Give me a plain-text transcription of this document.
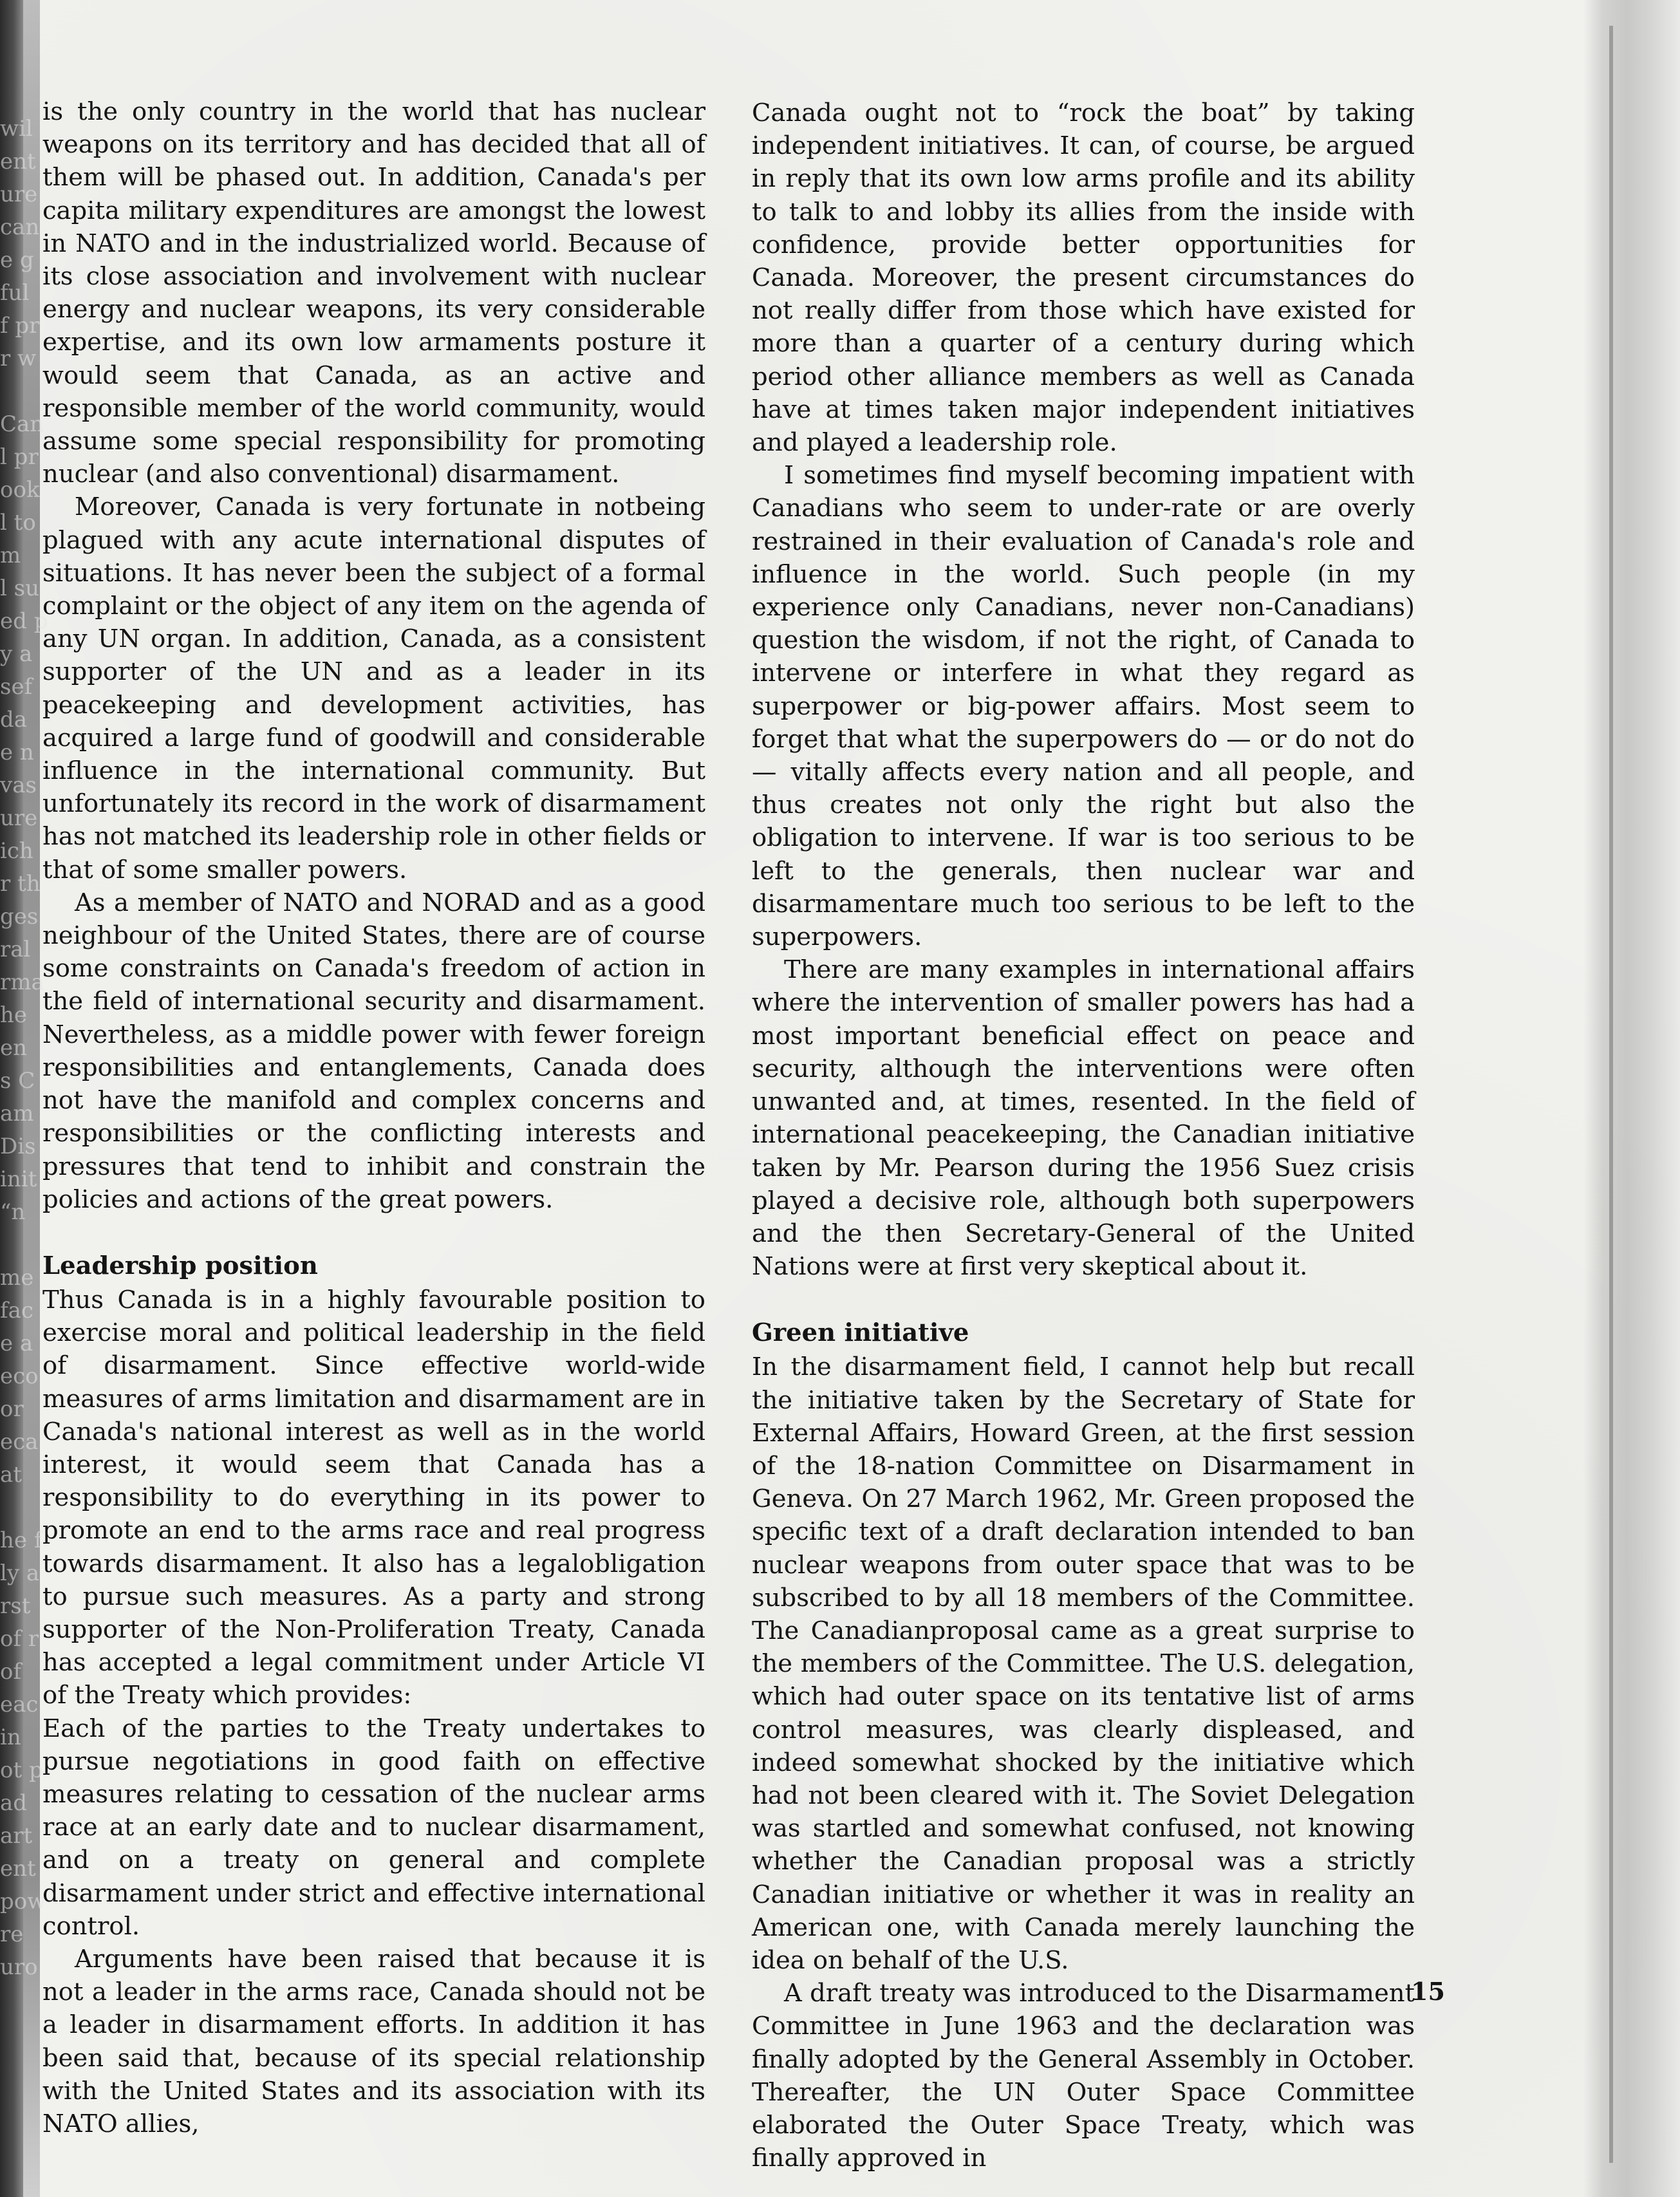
wil
ent
ure
can
e g
ful
f pr
r w

Can
l pr
ook
l to
m
l su
ed p
y a
sef
da
e n
vas
ure
ich
r th
ges
ral
rma
he
en
s C
am
Dis
init
“n

me
fac
e a
eco
or
eca
at

he f
ly a
rst
of r
of
eac
in
ot p
ad
art
ent
pow
re
uro

is the only country in the world that has nuclear weapons on its territory and has decided that all of them will be phased out. In addition, Canada's per capita military expenditures are amongst the lowest in NATO and in the industrialized world. Because of its close association and involvement with nuclear energy and nuclear weapons, its very considerable expertise, and its own low armaments posture it would seem that Canada, as an active and responsible member of the world community, would assume some special responsibility for promoting nuclear (and also conventional) disarmament.

Moreover, Canada is very fortunate in notbeing plagued with any acute international disputes of situations. It has never been the subject of a formal complaint or the object of any item on the agenda of any UN organ. In addition, Canada, as a consistent supporter of the UN and as a leader in its peacekeeping and development activities, has acquired a large fund of goodwill and considerable influence in the international community. But unfortunately its record in the work of disarmament has not matched its leadership role in other fields or that of some smaller powers.

As a member of NATO and NORAD and as a good neighbour of the United States, there are of course some constraints on Canada's freedom of action in the field of international security and disarmament. Nevertheless, as a middle power with fewer foreign responsibilities and entanglements, Canada does not have the manifold and complex concerns and responsibilities or the conflicting interests and pressures that tend to inhibit and constrain the policies and actions of the great powers.

Leadership position

Thus Canada is in a highly favourable position to exercise moral and political leadership in the field of disarmament. Since effective world-wide measures of arms limitation and disarmament are in Canada's national interest as well as in the world interest, it would seem that Canada has a responsibility to do everything in its power to promote an end to the arms race and real progress towards disarmament. It also has a legalobligation to pursue such measures. As a party and strong supporter of the Non-Proliferation Treaty, Canada has accepted a legal commitment under Article VI of the Treaty which provides:

Each of the parties to the Treaty undertakes to pursue negotiations in good faith on effective measures relating to cessation of the nuclear arms race at an early date and to nuclear disarmament, and on a treaty on general and complete disarmament under strict and effective international control.

Arguments have been raised that because it is not a leader in the arms race, Canada should not be a leader in disarmament efforts. In addition it has been said that, because of its special relationship with the United States and its association with its NATO allies,

Canada ought not to “rock the boat” by taking independent initiatives. It can, of course, be argued in reply that its own low arms profile and its ability to talk to and lobby its allies from the inside with confidence, provide better opportunities for Canada. Moreover, the present circumstances do not really differ from those which have existed for more than a quarter of a century during which period other alliance members as well as Canada have at times taken major independent initiatives and played a leadership role.

I sometimes find myself becoming impatient with Canadians who seem to under-rate or are overly restrained in their evaluation of Canada's role and influence in the world. Such people (in my experience only Canadians, never non-Canadians) question the wisdom, if not the right, of Canada to intervene or interfere in what they regard as superpower or big-power affairs. Most seem to forget that what the superpowers do — or do not do — vitally affects every nation and all people, and thus creates not only the right but also the obligation to intervene. If war is too serious to be left to the generals, then nuclear war and disarmamentare much too serious to be left to the superpowers.

There are many examples in international affairs where the intervention of smaller powers has had a most important beneficial effect on peace and security, although the interventions were often unwanted and, at times, resented. In the field of international peacekeeping, the Canadian initiative taken by Mr. Pearson during the 1956 Suez crisis played a decisive role, although both superpowers and the then Secretary-General of the United Nations were at first very skeptical about it.

Green initiative

In the disarmament field, I cannot help but recall the initiative taken by the Secretary of State for External Affairs, Howard Green, at the first session of the 18-nation Committee on Disarmament in Geneva. On 27 March 1962, Mr. Green proposed the specific text of a draft declaration intended to ban nuclear weapons from outer space that was to be subscribed to by all 18 members of the Committee. The Canadianproposal came as a great surprise to the members of the Committee. The U.S. delegation, which had outer space on its tentative list of arms control measures, was clearly displeased, and indeed somewhat shocked by the initiative which had not been cleared with it. The Soviet Delegation was startled and somewhat confused, not knowing whether the Canadian proposal was a strictly Canadian initiative or whether it was in reality an American one, with Canada merely launching the idea on behalf of the U.S.

A draft treaty was introduced to the Disarmament Committee in June 1963 and the declaration was finally adopted by the General Assembly in October. Thereafter, the UN Outer Space Committee elaborated the Outer Space Treaty, which was finally approved in

15
